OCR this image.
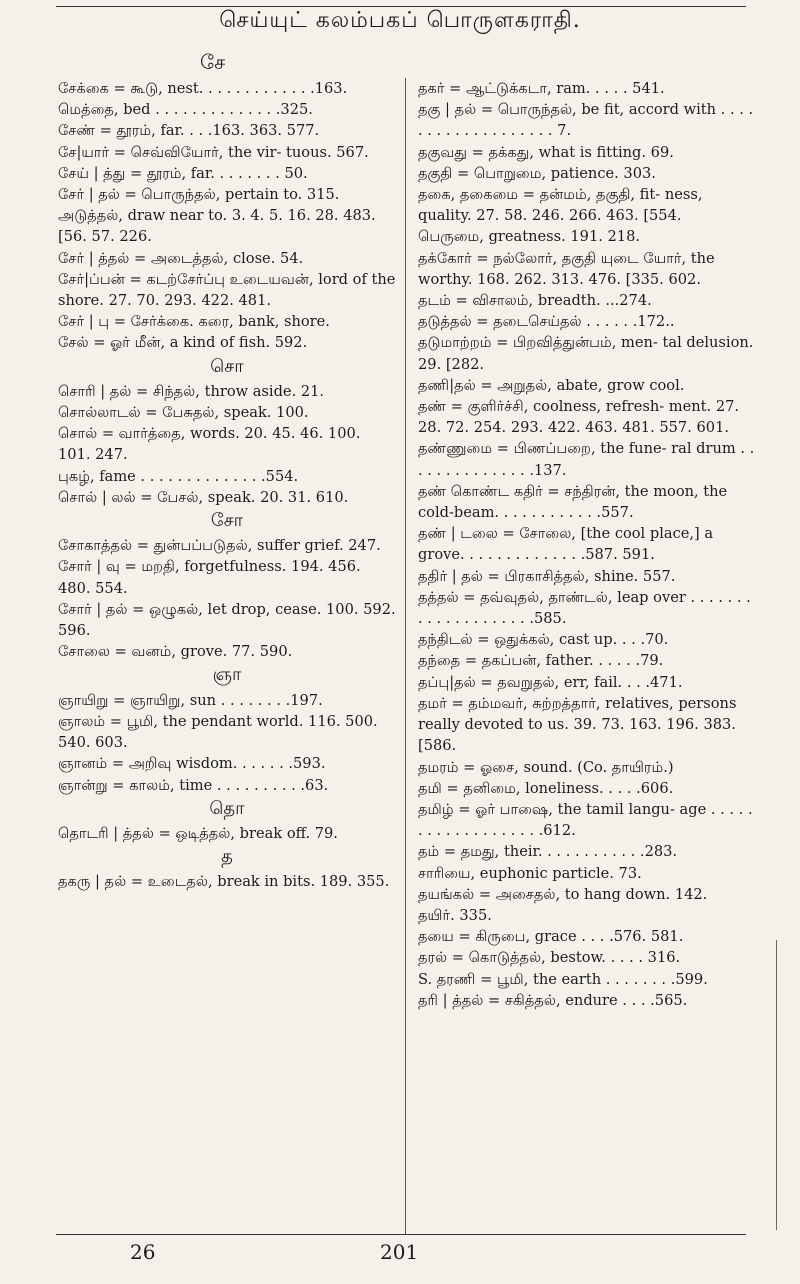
செய்யுட் கலம்பகப் பொருளகராதி.
சே
சேக்கை = கூடு, nest. . . . . . . . . . . . .163.
மெத்தை, bed . . . . . . . . . . . . . .325.
சேண் = தூரம், far. . . .163. 363. 577.
சே|யார் = செவ்வியோர், the vir- tuous. 567.
சேய் | த்து = தூரம், far. . . . . . . . 50.
சேர் | தல் = பொருந்தல், pertain to. 315.
அடுத்தல், draw near to. 3. 4. 5. 16. 28. 483. [56. 57. 226.
சேர் | த்தல் = அடைத்தல், close. 54.
சேர்|ப்பன் = கடற்சேர்ப்பு உடையவன், lord of the shore. 27. 70. 293. 422. 481.
சேர் | பு = சேர்க்கை. கரை, bank, shore.
சேல் = ஓர் மீன், a kind of fish. 592.
சொ
சொரி | தல் = சிந்தல், throw aside. 21.
சொல்லாடல் = பேசுதல், speak. 100.
சொல் = வார்த்தை, words. 20. 45. 46. 100. 101. 247.
புகழ், fame . . . . . . . . . . . . . .554.
சொல் | லல் = பேசல், speak. 20. 31. 610.
சோ
சோகாத்தல் = துன்பப்படுதல், suffer grief. 247.
சோர் | வு = மறதி, forgetfulness. 194. 456. 480. 554.
சோர் | தல் = ஒழுகல், let drop, cease. 100. 592. 596.
சோலை = வனம், grove. 77. 590.
ஞா
ஞாயிறு = ஞாயிறு, sun . . . . . . . .197.
ஞாலம் = பூமி, the pendant world. 116. 500. 540. 603.
ஞானம் = அறிவு wisdom. . . . . . .593.
ஞான்று = காலம், time . . . . . . . . . .63.
தொ
தொடரி | த்தல் = ஒடித்தல், break off. 79.
த
தகரு | தல் = உடைதல், break in bits. 189. 355.
தகர் = ஆட்டுக்கடா, ram. . . . . 541.
தகு | தல் = பொருந்தல், be fit, accord with . . . . . . . . . . . . . . . . . . . 7.
தகுவது = தக்கது, what is fitting. 69.
தகுதி = பொறுமை, patience. 303.
தகை, தகைமை = தன்மம், தகுதி, fit- ness, quality. 27. 58. 246. 266. 463. [554.
பெருமை, greatness. 191. 218.
தக்கோர் = நல்லோர், தகுதி யுடை யோர், the worthy. 168. 262. 313. 476. [335. 602.
தடம் = விசாலம், breadth. ...274.
தடுத்தல் = தடைசெய்தல் . . . . . .172..
தடுமாற்றம் = பிறவித்துன்பம், men- tal delusion. 29. [282.
தணி|தல் = அறுதல், abate, grow cool.
தண் = குளிர்ச்சி, coolness, refresh- ment. 27. 28. 72. 254. 293. 422. 463. 481. 557. 601.
தண்ணுமை = பிணப்பறை, the fune- ral drum . . . . . . . . . . . . . . .137.
தண் கொண்ட கதிர் = சந்திரன், the moon, the cold-beam. . . . . . . . . . . .557.
தண் | டலை = சோலை, [the cool place,] a grove. . . . . . . . . . . . . .587. 591.
ததிர் | தல் = பிரகாசித்தல், shine. 557.
தத்தல் = தவ்வுதல், தாண்டல், leap over . . . . . . . . . . . . . . . . . . . .585.
தந்திடல் = ஒதுக்கல், cast up. . . .70.
தந்தை = தகப்பன், father. . . . . .79.
தப்பு|தல் = தவறுதல், err, fail. . . .471.
தமர் = தம்மவர், சுற்றத்தார், relatives, persons really devoted to us. 39. 73. 163. 196. 383. [586.
தமரம் = ஓசை, sound. (Co. தாயிரம்.)
தமி = தனிமை, loneliness. . . . .606.
தமிழ் = ஓர் பாஷை, the tamil langu- age . . . . . . . . . . . . . . . . . . .612.
தம் = தமது, their. . . . . . . . . . . .283.
சாரியை, euphonic particle. 73.
தயங்கல் = அசைதல், to hang down. 142.
தயிர். 335.
தயை = கிருபை, grace . . . .576. 581.
தரல் = கொடுத்தல், bestow. . . . . 316.
S. தரணி = பூமி, the earth . . . . . . . .599.
தரி | த்தல் = சகித்தல், endure . . . .565.
26	201
